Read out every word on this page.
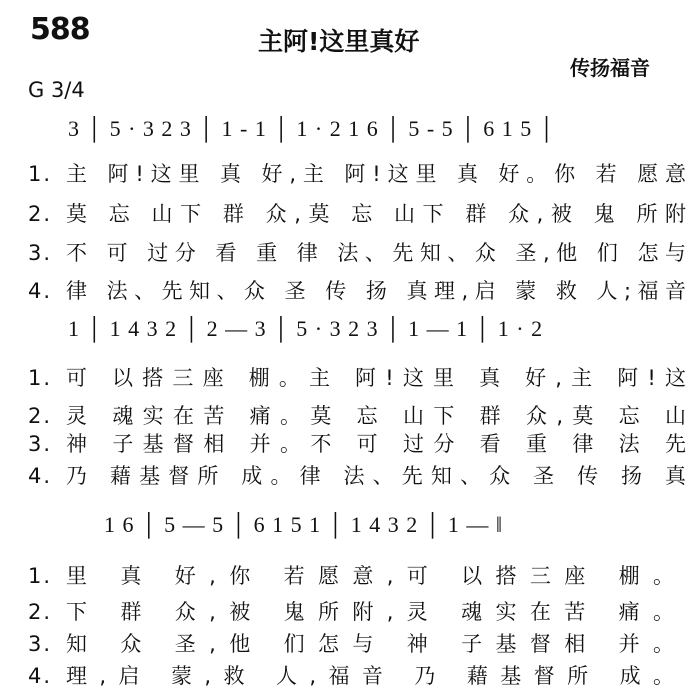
588	主阿!这里真好
传扬福音
G 3/4
3 │ 5 · 3 2 3 │ 1 - 1 │ 1 · 2 1 6 │ 5 - 5 │ 6 1 5 │
1. 主 阿!这里 真 好,主 阿!这里 真 好。你 若 愿意
2. 莫 忘 山下 群 众,莫 忘 山下 群 众,被 鬼 所附
3. 不 可 过分 看 重 律 法、先知、众 圣,他 们 怎与
4. 律 法、先知、众 圣 传 扬 真理,启 蒙 救 人;福音
1 │ 1 4 3 2 │ 2 — 3 │ 5 · 3 2 3 │ 1 — 1 │ 1 · 2
1. 可 以搭三座 棚。主 阿!这里 真 好,主 阿!这
2. 灵 魂实在苦 痛。莫 忘 山下 群 众,莫 忘 山
3. 神 子基督相 并。不 可 过分 看 重 律 法 先
4. 乃 藉基督所 成。律 法、先知、众 圣 传 扬 真
1 6 │ 5 — 5 │ 6 1 5 1 │ 1 4 3 2 │ 1 — ‖
1. 里 真 好,你 若愿意,可 以搭三座 棚。
2. 下 群 众,被 鬼所附,灵 魂实在苦 痛。
3. 知 众 圣,他 们怎与 神 子基督相 并。
4. 理,启 蒙,救 人,福音 乃 藉基督所 成。
